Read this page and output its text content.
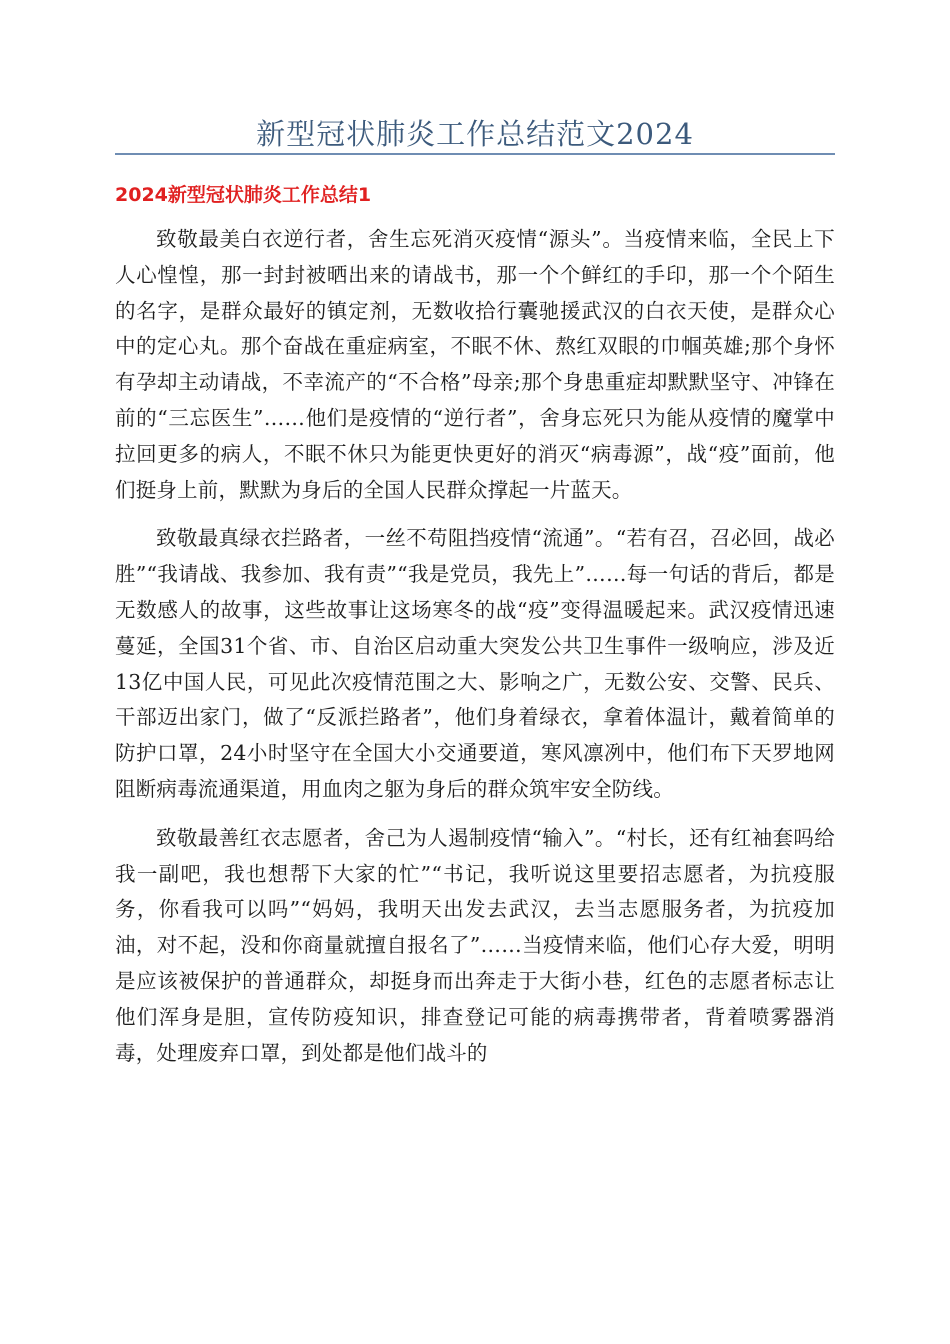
新型冠状肺炎工作总结范文2024
2024新型冠状肺炎工作总结1

致敬最美白衣逆行者，舍生忘死消灭疫情“源头”。当疫情来临，全民上下人心惶惶，那一封封被晒出来的请战书，那一个个鲜红的手印，那一个个陌生的名字，是群众最好的镇定剂，无数收拾行囊驰援武汉的白衣天使，是群众心中的定心丸。那个奋战在重症病室，不眠不休、熬红双眼的巾帼英雄;那个身怀有孕却主动请战，不幸流产的“不合格”母亲;那个身患重症却默默坚守、冲锋在前的“三忘医生”……他们是疫情的“逆行者”，舍身忘死只为能从疫情的魔掌中拉回更多的病人，不眠不休只为能更快更好的消灭“病毒源”，战“疫”面前，他们挺身上前，默默为身后的全国人民群众撑起一片蓝天。

致敬最真绿衣拦路者，一丝不苟阻挡疫情“流通”。“若有召，召必回，战必胜”“我请战、我参加、我有责”“我是党员，我先上”……每一句话的背后，都是无数感人的故事，这些故事让这场寒冬的战“疫”变得温暖起来。武汉疫情迅速蔓延，全国31个省、市、自治区启动重大突发公共卫生事件一级响应，涉及近13亿中国人民，可见此次疫情范围之大、影响之广，无数公安、交警、民兵、干部迈出家门，做了“反派拦路者”，他们身着绿衣，拿着体温计，戴着简单的防护口罩，24小时坚守在全国大小交通要道，寒风凛冽中，他们布下天罗地网阻断病毒流通渠道，用血肉之躯为身后的群众筑牢安全防线。

致敬最善红衣志愿者，舍己为人遏制疫情“输入”。“村长，还有红袖套吗给我一副吧，我也想帮下大家的忙”“书记，我听说这里要招志愿者，为抗疫服务，你看我可以吗”“妈妈，我明天出发去武汉，去当志愿服务者，为抗疫加油，对不起，没和你商量就擅自报名了”……当疫情来临，他们心存大爱，明明是应该被保护的普通群众，却挺身而出奔走于大街小巷，红色的志愿者标志让他们浑身是胆，宣传防疫知识，排查登记可能的病毒携带者，背着喷雾器消毒，处理废弃口罩，到处都是他们战斗的
